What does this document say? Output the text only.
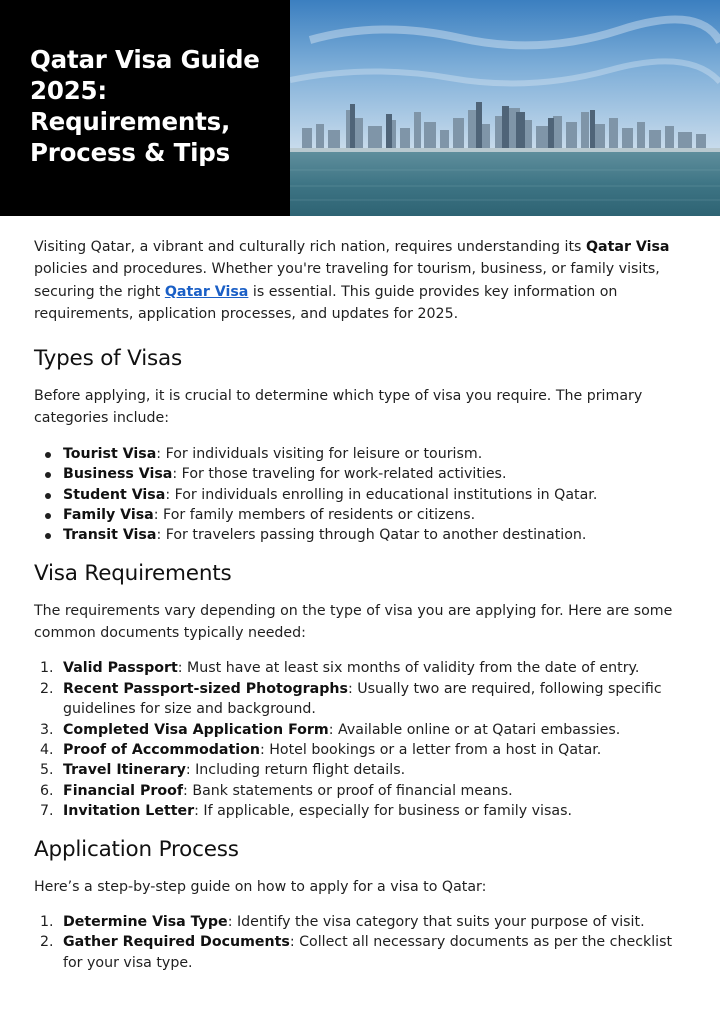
Qatar Visa Guide 2025: Requirements, Process & Tips

Visiting Qatar, a vibrant and culturally rich nation, requires understanding its Qatar Visa policies and procedures. Whether you're traveling for tourism, business, or family visits, securing the right Qatar Visa is essential. This guide provides key information on requirements, application processes, and updates for 2025.

Types of Visas

Before applying, it is crucial to determine which type of visa you require. The primary categories include:

Tourist Visa: For individuals visiting for leisure or tourism.
Business Visa: For those traveling for work-related activities.
Student Visa: For individuals enrolling in educational institutions in Qatar.
Family Visa: For family members of residents or citizens.
Transit Visa: For travelers passing through Qatar to another destination.
Visa Requirements

The requirements vary depending on the type of visa you are applying for. Here are some common documents typically needed:

1. Valid Passport: Must have at least six months of validity from the date of entry.
2. Recent Passport-sized Photographs: Usually two are required, following specific guidelines for size and background.
3. Completed Visa Application Form: Available online or at Qatari embassies.
4. Proof of Accommodation: Hotel bookings or a letter from a host in Qatar.
5. Travel Itinerary: Including return flight details.
6. Financial Proof: Bank statements or proof of financial means.
7. Invitation Letter: If applicable, especially for business or family visas.
Application Process

Here’s a step-by-step guide on how to apply for a visa to Qatar:

1. Determine Visa Type: Identify the visa category that suits your purpose of visit.
2. Gather Required Documents: Collect all necessary documents as per the checklist for your visa type.
